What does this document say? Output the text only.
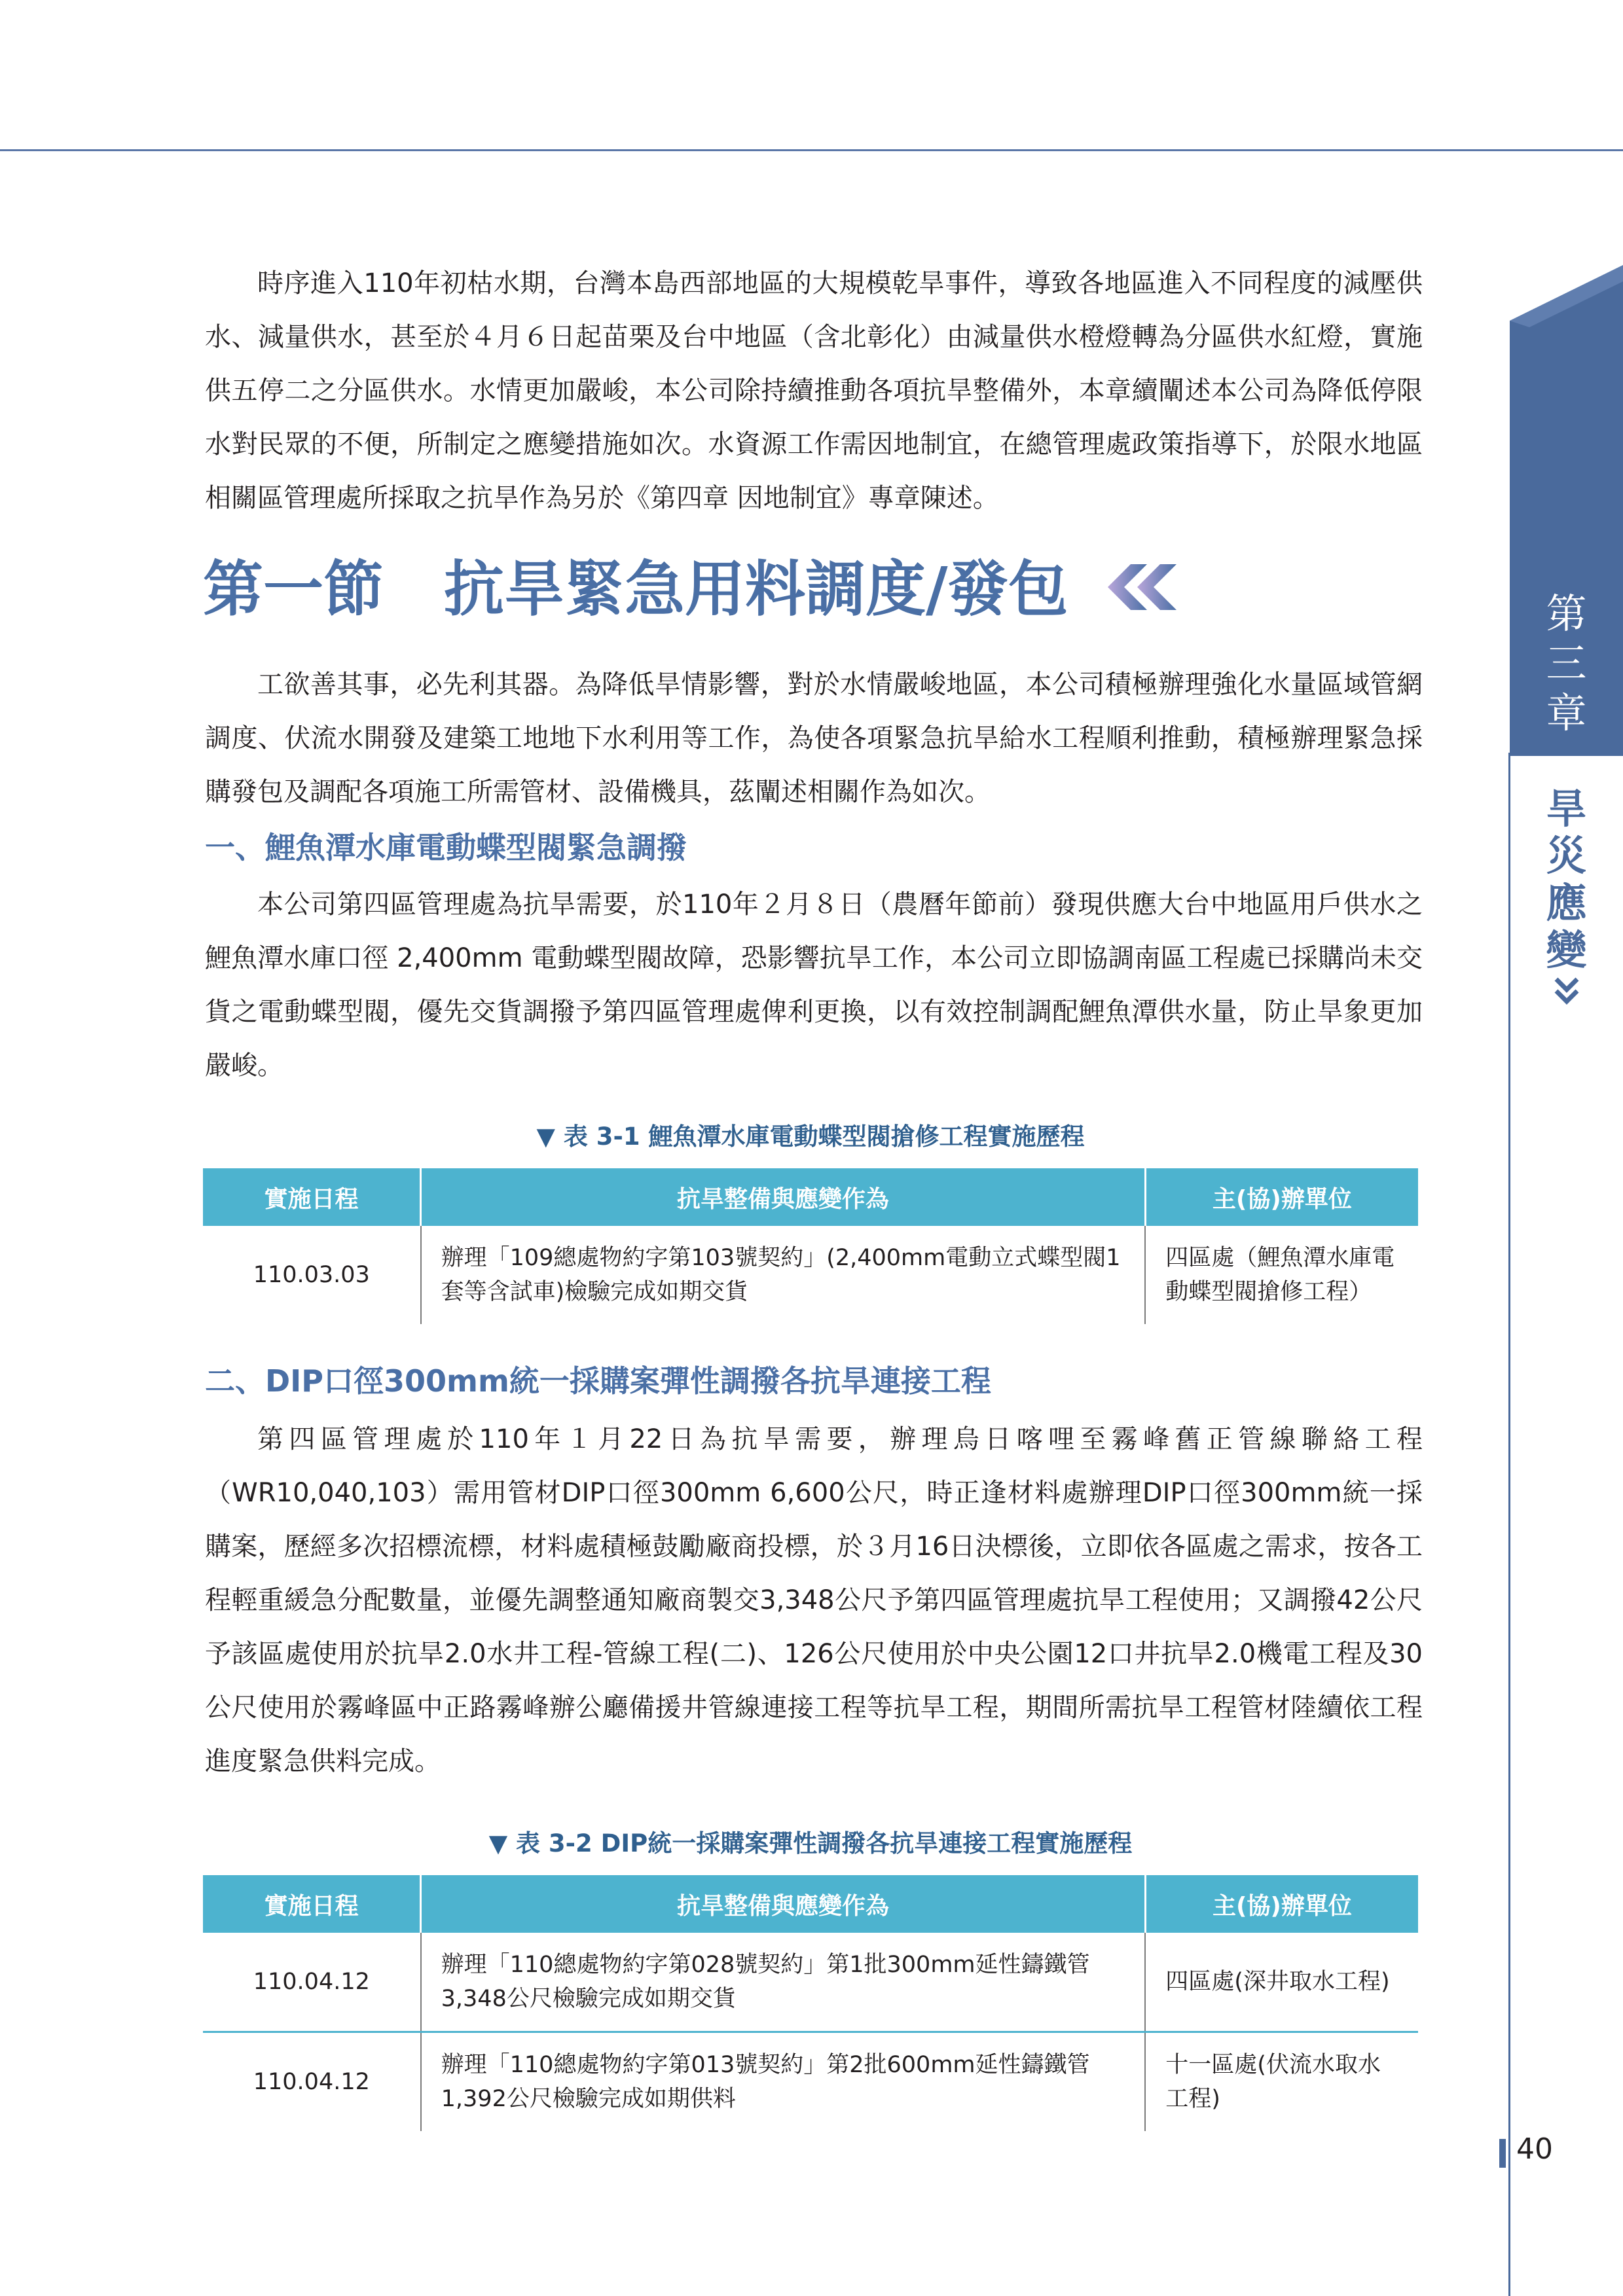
第
三
章
旱
災
應
變

時序進入110年初枯水期，台灣本島西部地區的大規模乾旱事件，導致各地區進入不同程度的減壓供水、減量供水，甚至於４月６日起苗栗及台中地區（含北彰化）由減量供水橙燈轉為分區供水紅燈，實施供五停二之分區供水。水情更加嚴峻，本公司除持續推動各項抗旱整備外，本章續闡述本公司為降低停限水對民眾的不便，所制定之應變措施如次。水資源工作需因地制宜，在總管理處政策指導下，於限水地區相關區管理處所採取之抗旱作為另於《第四章 因地制宜》專章陳述。

第一節　抗旱緊急用料調度/發包

工欲善其事，必先利其器。為降低旱情影響，對於水情嚴峻地區，本公司積極辦理強化水量區域管網調度、伏流水開發及建築工地地下水利用等工作，為使各項緊急抗旱給水工程順利推動，積極辦理緊急採購發包及調配各項施工所需管材、設備機具，茲闡述相關作為如次。

一、鯉魚潭水庫電動蝶型閥緊急調撥

本公司第四區管理處為抗旱需要，於110年２月８日（農曆年節前）發現供應大台中地區用戶供水之鯉魚潭水庫口徑 2,400mm 電動蝶型閥故障，恐影響抗旱工作，本公司立即協調南區工程處已採購尚未交貨之電動蝶型閥，優先交貨調撥予第四區管理處俾利更換，以有效控制調配鯉魚潭供水量，防止旱象更加嚴峻。

▼ 表 3-1 鯉魚潭水庫電動蝶型閥搶修工程實施歷程
實施日程	抗旱整備與應變作為	主(協)辦單位
110.03.03	辦理「109總處物約字第103號契約」(2,400mm電動立式蝶型閥1套等含試車)檢驗完成如期交貨	四區處（鯉魚潭水庫電動蝶型閥搶修工程）
二、DIP口徑300mm統一採購案彈性調撥各抗旱連接工程

第四區管理處於110年１月22日為抗旱需要，辦理烏日喀哩至霧峰舊正管線聯絡工程（WR10,040,103）需用管材DIP口徑300mm 6,600公尺，時正逢材料處辦理DIP口徑300mm統一採購案，歷經多次招標流標，材料處積極鼓勵廠商投標，於３月16日決標後，立即依各區處之需求，按各工程輕重緩急分配數量，並優先調整通知廠商製交3,348公尺予第四區管理處抗旱工程使用；又調撥42公尺予該區處使用於抗旱2.0水井工程-管線工程(二)、126公尺使用於中央公園12口井抗旱2.0機電工程及30公尺使用於霧峰區中正路霧峰辦公廳備援井管線連接工程等抗旱工程，期間所需抗旱工程管材陸續依工程進度緊急供料完成。

▼ 表 3-2 DIP統一採購案彈性調撥各抗旱連接工程實施歷程
實施日程	抗旱整備與應變作為	主(協)辦單位
110.04.12	辦理「110總處物約字第028號契約」第1批300mm延性鑄鐵管3,348公尺檢驗完成如期交貨	四區處(深井取水工程)
110.04.12	辦理「110總處物約字第013號契約」第2批600mm延性鑄鐵管1,392公尺檢驗完成如期供料	十一區處(伏流水取水工程)
40
